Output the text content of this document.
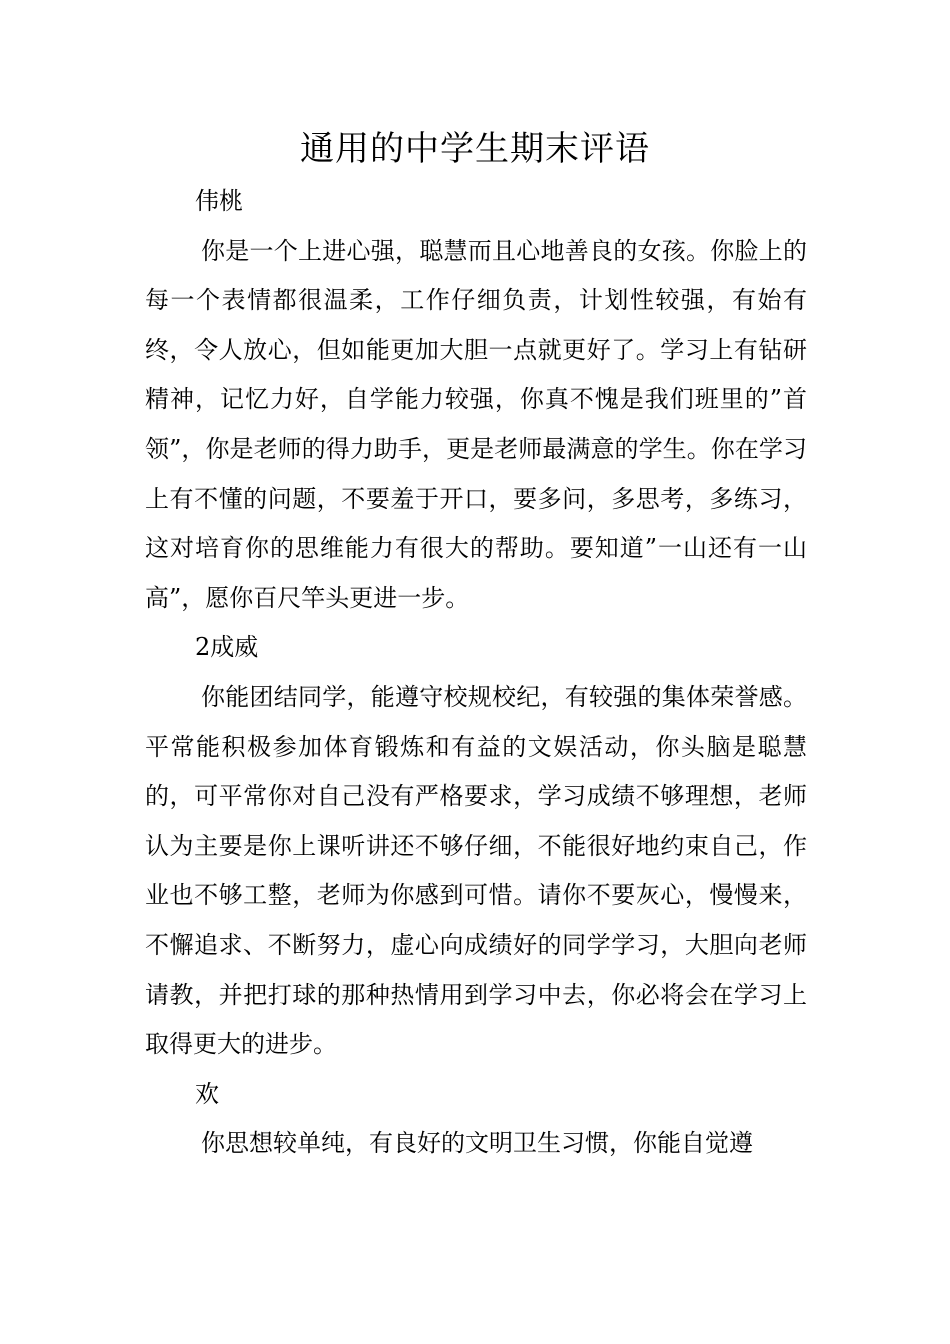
通用的中学生期末评语

伟桃

你是一个上进心强，聪慧而且心地善良的女孩。你脸上的每一个表情都很温柔，工作仔细负责，计划性较强，有始有终，令人放心，但如能更加大胆一点就更好了。学习上有钻研精神，记忆力好，自学能力较强，你真不愧是我们班里的”首领”，你是老师的得力助手，更是老师最满意的学生。你在学习上有不懂的问题，不要羞于开口，要多问，多思考，多练习，这对培育你的思维能力有很大的帮助。要知道”一山还有一山高”，愿你百尺竿头更进一步。

2成威

你能团结同学，能遵守校规校纪，有较强的集体荣誉感。平常能积极参加体育锻炼和有益的文娱活动，你头脑是聪慧的，可平常你对自己没有严格要求，学习成绩不够理想，老师认为主要是你上课听讲还不够仔细，不能很好地约束自己，作业也不够工整，老师为你感到可惜。请你不要灰心，慢慢来，不懈追求、不断努力，虚心向成绩好的同学学习，大胆向老师请教，并把打球的那种热情用到学习中去，你必将会在学习上取得更大的进步。

欢

你思想较单纯，有良好的文明卫生习惯，你能自觉遵
